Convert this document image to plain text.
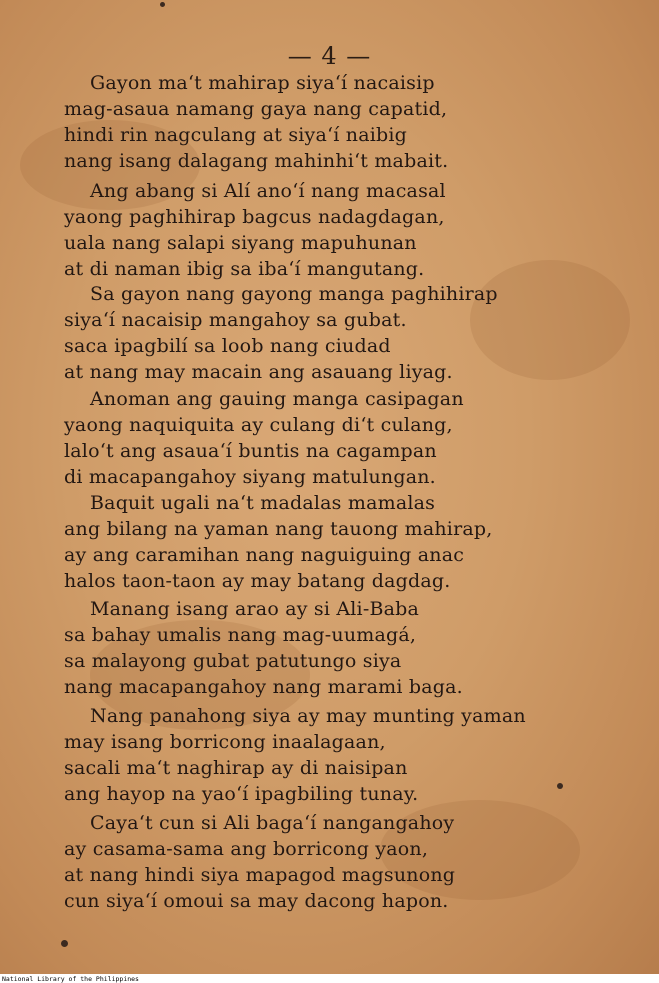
— 4 —
Gayon ma‘t mahirap siya‘í nacaisip
mag-asaua namang gaya nang capatid,
hindi rin nagculang at siya‘í naibig
nang isang dalagang mahinhi‘t mabait.
Ang abang si Alí ano‘í nang macasal
yaong paghihirap bagcus nadagdagan,
uala nang salapi siyang mapuhunan
at di naman ibig sa iba‘í mangutang.
Sa gayon nang gayong manga paghihirap
siya‘í nacaisip mangahoy sa gubat.
saca ipagbilí sa loob nang ciudad
at nang may macain ang asauang liyag.
Anoman ang gauing manga casipagan
yaong naquiquita ay culang di‘t culang,
lalo‘t ang asaua‘í buntis na cagampan
di macapangahoy siyang matulungan.
Baquit ugali na‘t madalas mamalas
ang bilang na yaman nang tauong mahirap,
ay ang caramihan nang naguiguing anac
halos taon-taon ay may batang dagdag.
Manang isang arao ay si Ali-Baba
sa bahay umalis nang mag-uumagá,
sa malayong gubat patutungo siya
nang macapangahoy nang marami baga.
Nang panahong siya ay may munting yaman
may isang borricong inaalagaan,
sacali ma‘t naghirap ay di naisipan
ang hayop na yao‘í ipagbiling tunay.
Caya‘t cun si Ali baga‘í nangangahoy
ay casama-sama ang borricong yaon,
at nang hindi siya mapagod magsunong
cun siya‘í omoui sa may dacong hapon.
National Library of the Philippines
